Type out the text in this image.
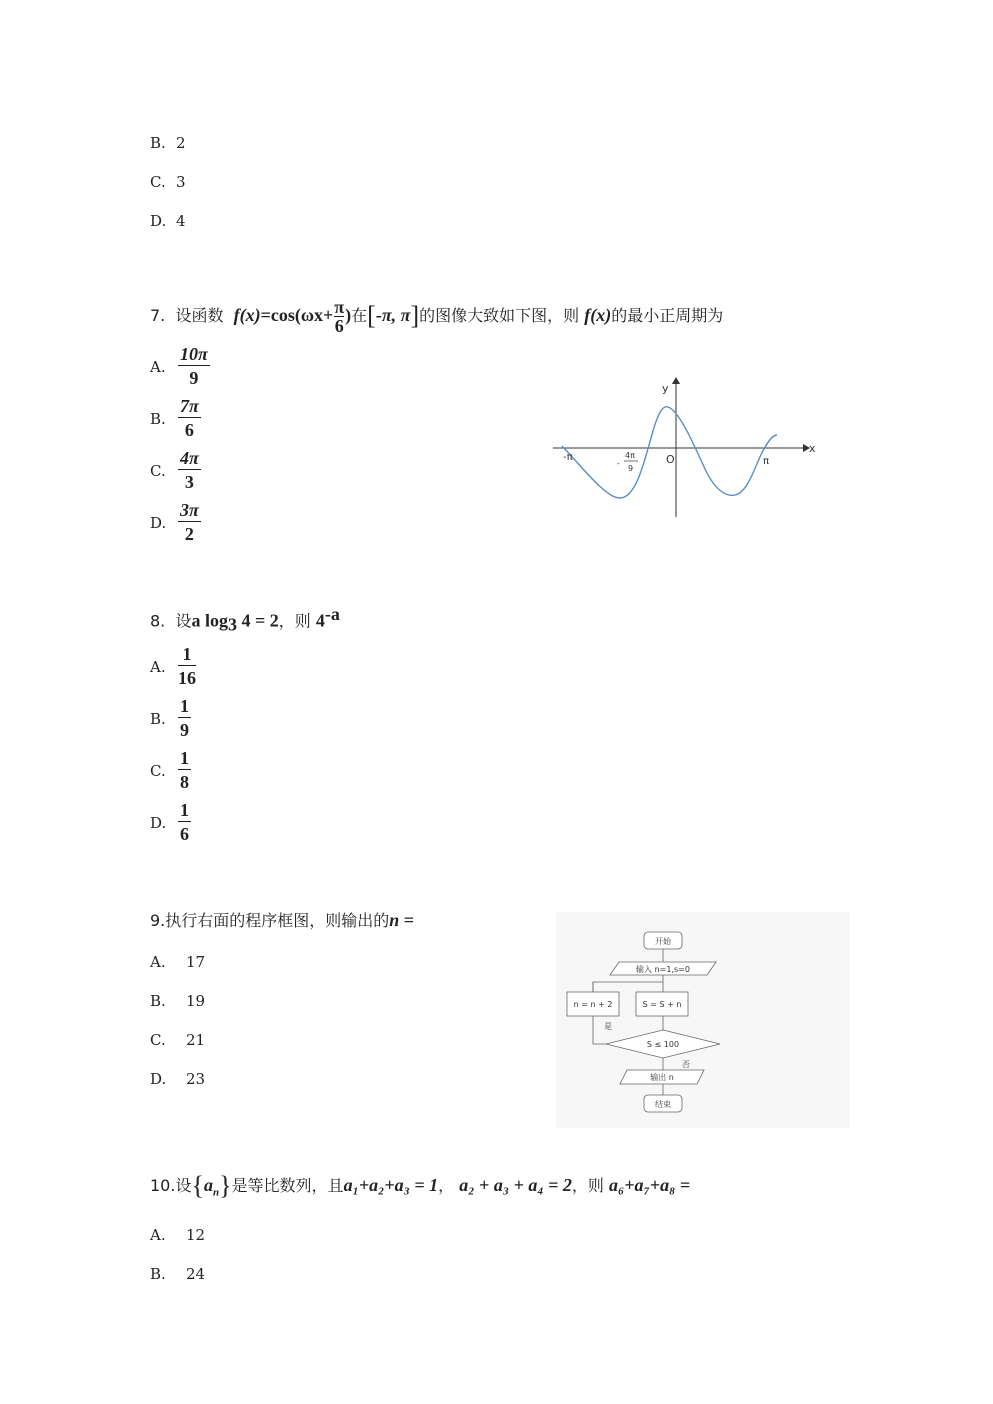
B. 2
C. 3
D. 4
7. 设函数 $f(x)=\cos(\omega x+ \frac{\pi}{6}$ )在[-π, π]的图像大致如下图，则 f(x)的最小正周期为
A. $\frac{10\pi}{9}$
B. $\frac{7\pi}{6}$
C. $\frac{4\pi}{3}$
D. $\frac{3\pi}{2}$
y
x
-π
-
4π
9
O	π
8. 设a $\log_3 4 = 2$，则 $4^{-a}$
A. $\frac{1}{16}$
B. $\frac{1}{9}$
C. $\frac{1}{8}$
D. $\frac{1}{6}$
9.执行右面的程序框图，则输出的n =
A. 17
B. 19
C. 21
D. 23
开始
输入 n=1,s=0
S = S + n
n = n + 2
S ≤ 100
是
否
输出 n
结束
10.设$\{a_n\}$是等比数列，且a₁+a₂+a₃ = 1， a₂ + a₃ + a₄ = 2，则 a₆+a₇+a₈ =
A. 12
B. 24
